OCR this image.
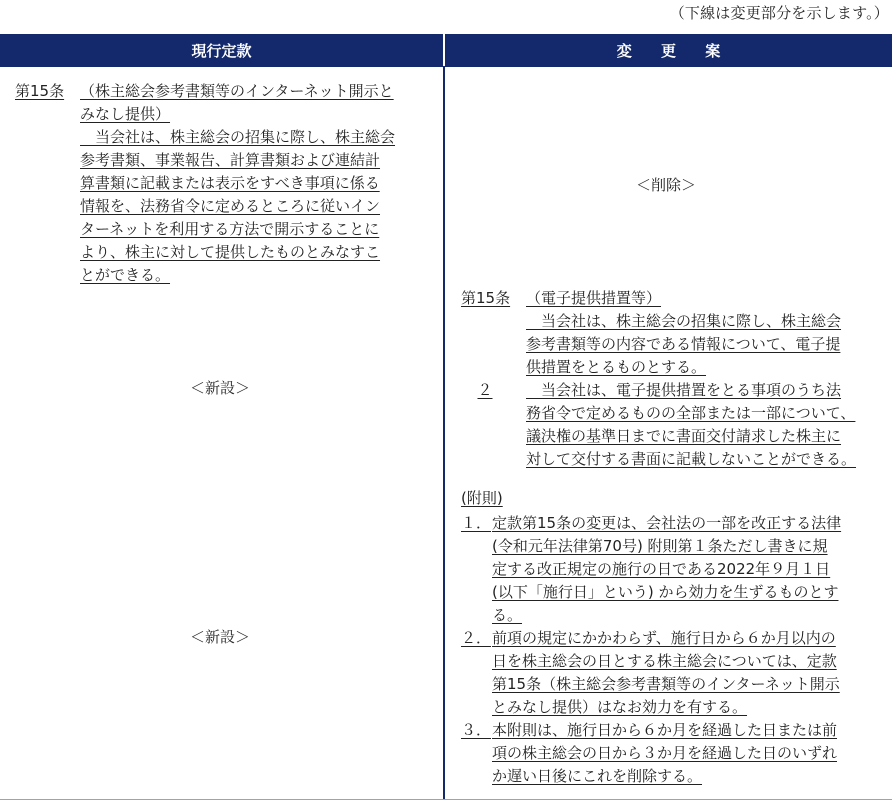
（下線は変更部分を示します。）
現行定款	変 更 案
第15条 （株主総会参考書類等のインターネット開示と
みなし提供）
　当会社は、株主総会の招集に際し、株主総会
参考書類、事業報告、計算書類および連結計
算書類に記載または表示をすべき事項に係る
情報を、法務省令に定めるところに従いイン
ターネットを利用する方法で開示することに
より、株主に対して提供したものとみなすこ
とができる。
＜新設＞
＜新設＞
＜削除＞
第15条 （電子提供措置等）
　当会社は、株主総会の招集に際し、株主総会
参考書類等の内容である情報について、電子提
供措置をとるものとする。
２	　当会社は、電子提供措置をとる事項のうち法
務省令で定めるものの全部または一部について、
議決権の基準日までに書面交付請求した株主に
対して交付する書面に記載しないことができる。
(附則)
１． 定款第15条の変更は、会社法の一部を改正する法律
(令和元年法律第70号) 附則第１条ただし書きに規
定する改正規定の施行の日である2022年９月１日
(以下「施行日」という) から効力を生ずるものとす
る。
２． 前項の規定にかかわらず、施行日から６か月以内の
日を株主総会の日とする株主総会については、定款
第15条（株主総会参考書類等のインターネット開示
とみなし提供）はなお効力を有する。
３． 本附則は、施行日から６か月を経過した日または前
項の株主総会の日から３か月を経過した日のいずれ
か遅い日後にこれを削除する。
